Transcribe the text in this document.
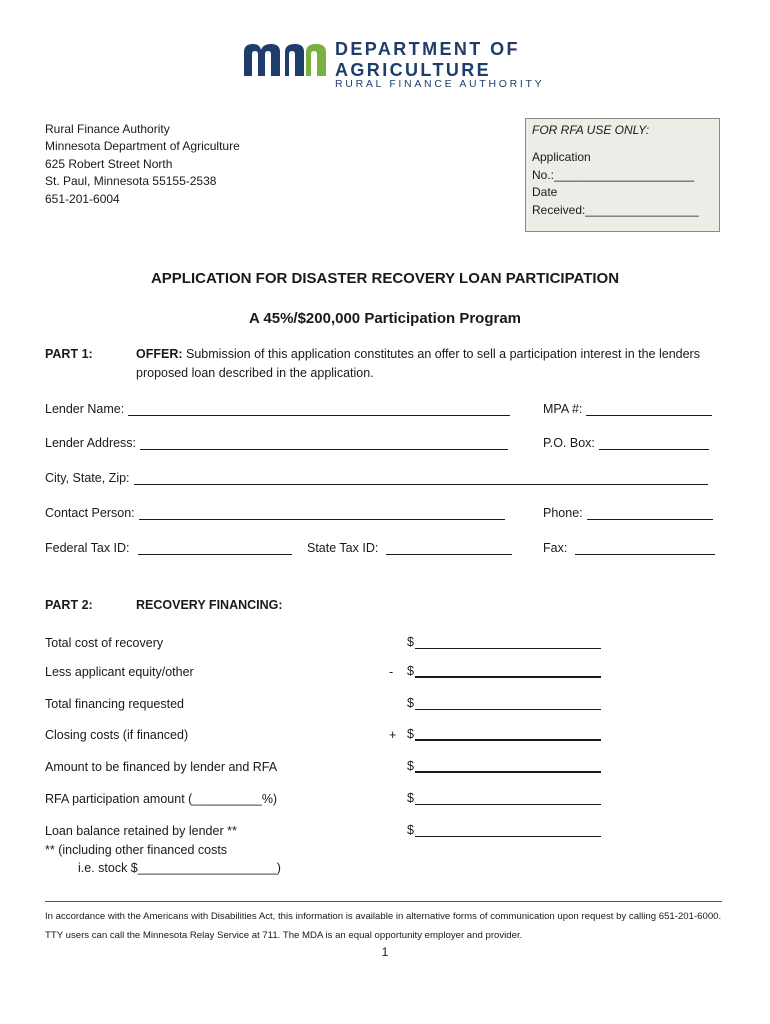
DEPARTMENT OF
AGRICULTURE
RURAL FINANCE AUTHORITY
Rural Finance Authority
Minnesota Department of Agriculture
625 Robert Street North
St. Paul, Minnesota 55155-2538
651-201-6004
FOR RFA USE ONLY:
Application
No.:_____________________
Date
Received:_________________
APPLICATION FOR DISASTER RECOVERY LOAN PARTICIPATION
A 45%/$200,000 Participation Program
PART 1:	OFFER: Submission of this application constitutes an offer to sell a participation interest in the lenders proposed loan described in the application.
Lender Name:	MPA #:
Lender Address:	P.O. Box:
City, State, Zip:
Contact Person:	Phone:
Federal Tax ID:	State Tax ID:	Fax:
PART 2:	RECOVERY FINANCING:
Total cost of recovery	$
Less applicant equity/other	- $
Total financing requested	$
Closing costs (if financed)	+ $
Amount to be financed by lender and RFA	$
RFA participation amount (__________%)	$
Loan balance retained by lender **	$
** (including other financed costs
i.e. stock $____________________)
In accordance with the Americans with Disabilities Act, this information is available in alternative forms of communication upon request by calling 651-201-6000. TTY users can call the Minnesota Relay Service at 711. The MDA is an equal opportunity employer and provider.
1
